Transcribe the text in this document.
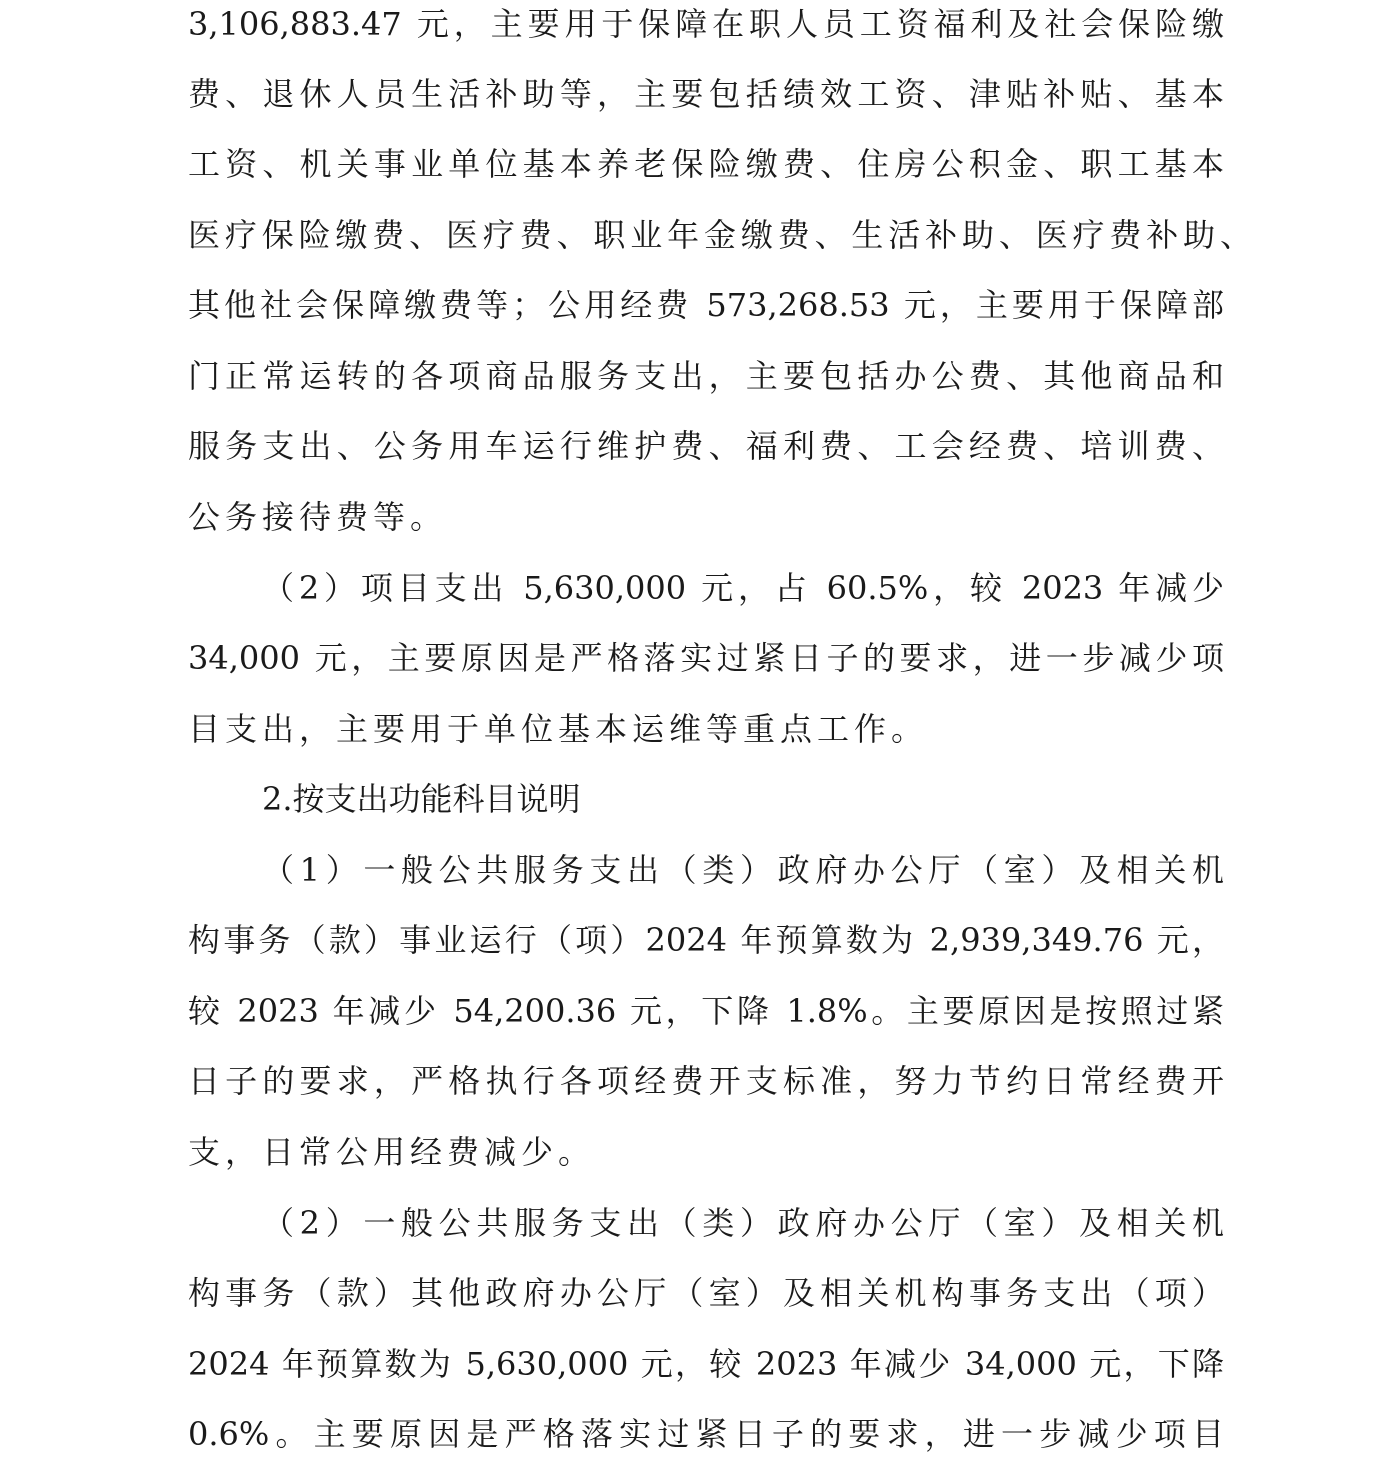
3,106,883.47 元，主要用于保障在职人员工资福利及社会保险缴
费、退休人员生活补助等，主要包括绩效工资、津贴补贴、基本
工资、机关事业单位基本养老保险缴费、住房公积金、职工基本
医疗保险缴费、医疗费、职业年金缴费、生活补助、医疗费补助、
其他社会保障缴费等；公用经费 573,268.53 元，主要用于保障部
门正常运转的各项商品服务支出，主要包括办公费、其他商品和
服务支出、公务用车运行维护费、福利费、工会经费、培训费、
公务接待费等。
（2）项目支出 5,630,000 元，占 60.5%，较 2023 年减少
34,000 元，主要原因是严格落实过紧日子的要求，进一步减少项
目支出，主要用于单位基本运维等重点工作。
2.按支出功能科目说明
（1）一般公共服务支出（类）政府办公厅（室）及相关机
构事务（款）事业运行（项）2024 年预算数为 2,939,349.76 元，
较 2023 年减少 54,200.36 元，下降 1.8%。主要原因是按照过紧
日子的要求，严格执行各项经费开支标准，努力节约日常经费开
支，日常公用经费减少。
（2）一般公共服务支出（类）政府办公厅（室）及相关机
构事务（款）其他政府办公厅（室）及相关机构事务支出（项）
2024 年预算数为 5,630,000 元，较 2023 年减少 34,000 元，下降
0.6%。主要原因是严格落实过紧日子的要求，进一步减少项目
